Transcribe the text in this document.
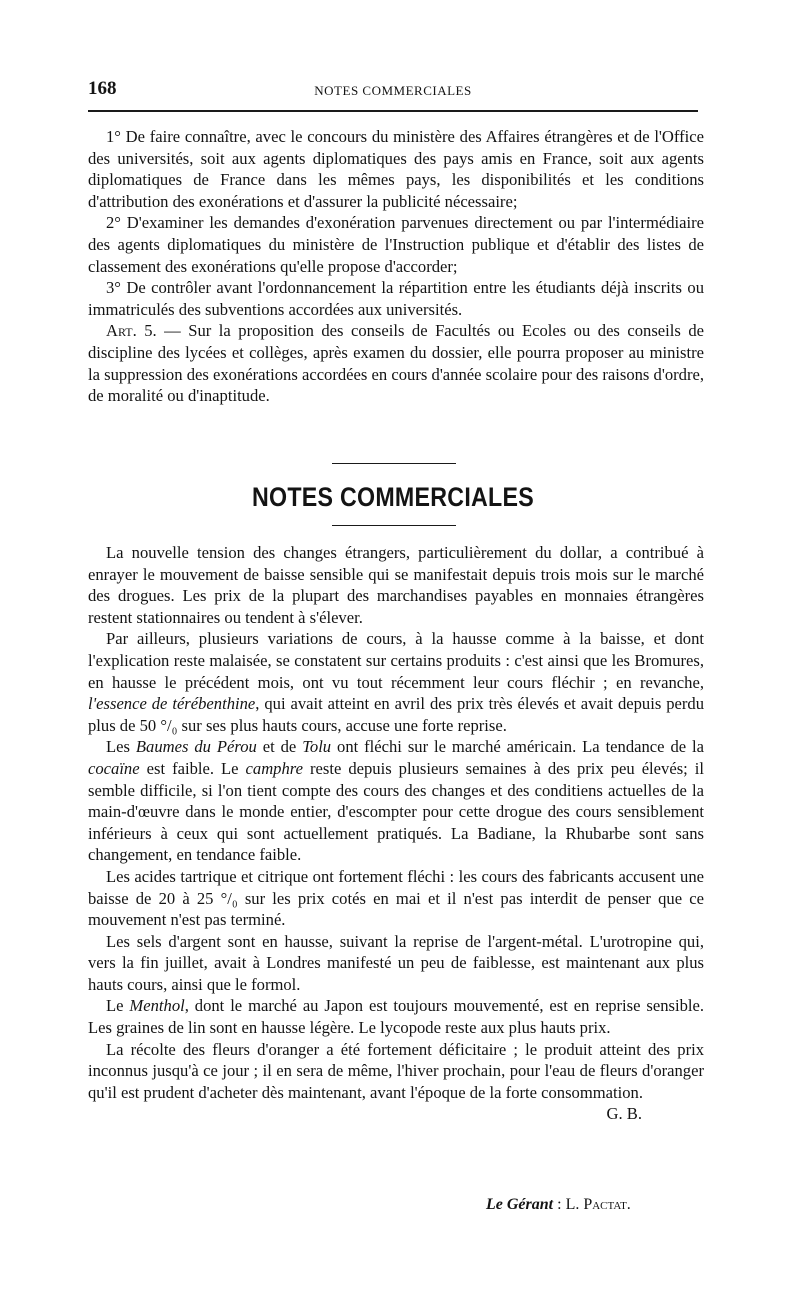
168	NOTES COMMERCIALES

1° De faire connaître, avec le concours du ministère des Affaires étrangères et de l'Office des universités, soit aux agents diplomatiques des pays amis en France, soit aux agents diplomatiques de France dans les mêmes pays, les disponibilités et les conditions d'attribution des exonérations et d'assurer la publicité nécessaire;

2° D'examiner les demandes d'exonération parvenues directement ou par l'intermédiaire des agents diplomatiques du ministère de l'Instruction publique et d'établir des listes de classement des exonérations qu'elle propose d'accorder;

3° De contrôler avant l'ordonnancement la répartition entre les étudiants déjà inscrits ou immatriculés des subventions accordées aux universités.

Art. 5. — Sur la proposition des conseils de Facultés ou Ecoles ou des conseils de discipline des lycées et collèges, après examen du dossier, elle pourra proposer au ministre la suppression des exonérations accordées en cours d'année scolaire pour des raisons d'ordre, de moralité ou d'inaptitude.

NOTES COMMERCIALES

La nouvelle tension des changes étrangers, particulièrement du dollar, a contribué à enrayer le mouvement de baisse sensible qui se manifestait depuis trois mois sur le marché des drogues. Les prix de la plupart des marchandises payables en monnaies étrangères restent stationnaires ou tendent à s'élever.

Par ailleurs, plusieurs variations de cours, à la hausse comme à la baisse, et dont l'explication reste malaisée, se constatent sur certains produits : c'est ainsi que les Bromures, en hausse le précédent mois, ont vu tout récemment leur cours fléchir ; en revanche, l'essence de térébenthine, qui avait atteint en avril des prix très élevés et avait depuis perdu plus de 50 °/₀ sur ses plus hauts cours, accuse une forte reprise.

Les Baumes du Pérou et de Tolu ont fléchi sur le marché américain. La tendance de la cocaïne est faible. Le camphre reste depuis plusieurs semaines à des prix peu élevés; il semble difficile, si l'on tient compte des cours des changes et des conditiens actuelles de la main-d'œuvre dans le monde entier, d'escompter pour cette drogue des cours sensiblement inférieurs à ceux qui sont actuellement pratiqués. La Badiane, la Rhubarbe sont sans changement, en tendance faible.

Les acides tartrique et citrique ont fortement fléchi : les cours des fabricants accusent une baisse de 20 à 25 °/₀ sur les prix cotés en mai et il n'est pas interdit de penser que ce mouvement n'est pas terminé.

Les sels d'argent sont en hausse, suivant la reprise de l'argent-métal. L'urotropine qui, vers la fin juillet, avait à Londres manifesté un peu de faiblesse, est maintenant aux plus hauts cours, ainsi que le formol.

Le Menthol, dont le marché au Japon est toujours mouvementé, est en reprise sensible. Les graines de lin sont en hausse légère. Le lycopode reste aux plus hauts prix.

La récolte des fleurs d'oranger a été fortement déficitaire ; le produit atteint des prix inconnus jusqu'à ce jour ; il en sera de même, l'hiver prochain, pour l'eau de fleurs d'oranger qu'il est prudent d'acheter dès maintenant, avant l'époque de la forte consommation.
G. B.

Le Gérant : L. Pactat.
